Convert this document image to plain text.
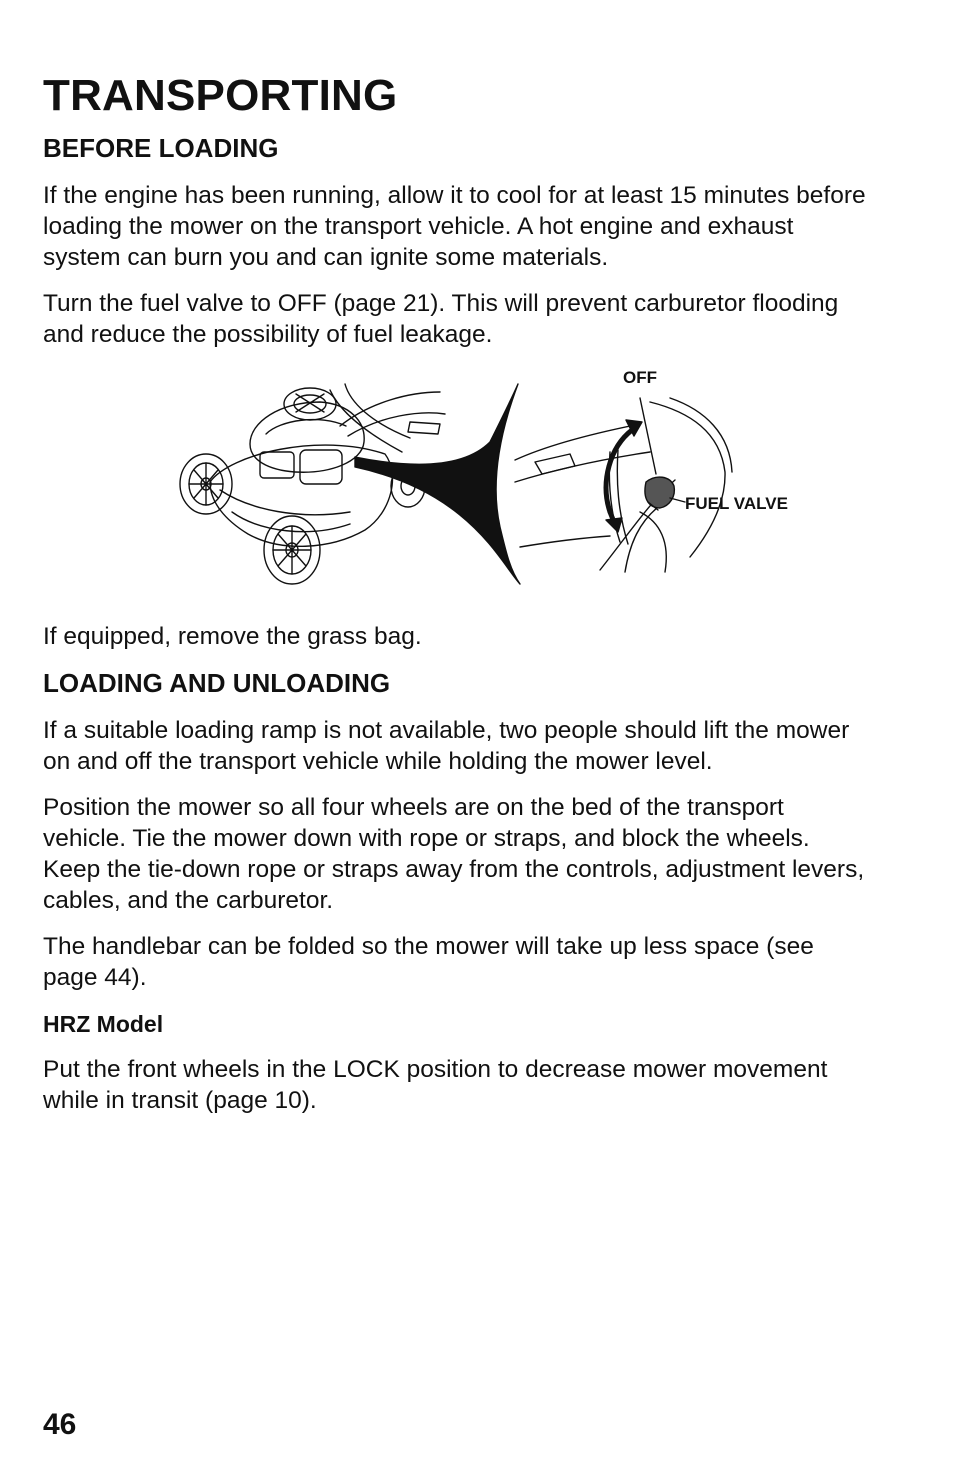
TRANSPORTING
BEFORE LOADING

If the engine has been running, allow it to cool for at least 15 minutes before loading the mower on the transport vehicle. A hot engine and exhaust system can burn you and can ignite some materials.

Turn the fuel valve to OFF (page 21). This will prevent carburetor flooding and reduce the possibility of fuel leakage.

OFF
FUEL VALVE

If equipped, remove the grass bag.

LOADING AND UNLOADING

If a suitable loading ramp is not available, two people should lift the mower on and off the transport vehicle while holding the mower level.

Position the mower so all four wheels are on the bed of the transport vehicle. Tie the mower down with rope or straps, and block the wheels. Keep the tie-down rope or straps away from the controls, adjustment levers, cables, and the carburetor.

The handlebar can be folded so the mower will take up less space (see page 44).

HRZ Model

Put the front wheels in the LOCK position to decrease mower movement while in transit (page 10).

46
